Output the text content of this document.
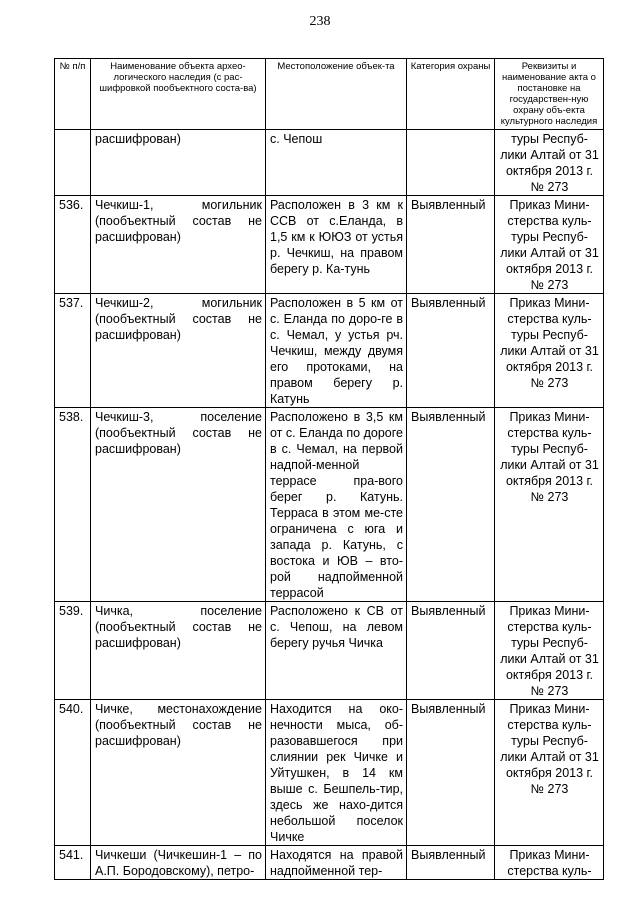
238
№ п/п	Наименование объекта архео-логического наследия (с рас-шифровкой пообъектного соста-ва)	Местоположение объек-та	Категория охраны	Реквизиты и наименование акта о постановке на государствен-ную охрану объ-екта культурного наследия
	расшифрован)	с. Чепош		туры Респуб-лики Алтай от 31 октября 2013 г. № 273
536.	Чечкиш-1, могильник (пообъектный состав не расшифрован)	Расположен в 3 км к ССВ от с.Еланда, в 1,5 км к ЮЮЗ от устья р. Чечкиш, на правом берегу р. Ка-тунь	Выявленный	Приказ Мини-стерства куль-туры Респуб-лики Алтай от 31 октября 2013 г. № 273
537.	Чечкиш-2, могильник (пообъектный состав не расшифрован)	Расположен в 5 км от с. Еланда по доро-ге в с. Чемал, у устья рч. Чечкиш, между двумя его протоками, на правом берегу р. Катунь	Выявленный	Приказ Мини-стерства куль-туры Респуб-лики Алтай от 31 октября 2013 г. № 273
538.	Чечкиш-3, поселение (пообъектный состав не расшифрован)	Расположено в 3,5 км от с. Еланда по дороге в с. Чемал, на первой надпой-менной террасе пра-вого берег р. Катунь. Терраса в этом ме-сте ограничена с юга и запада р. Катунь, с востока и ЮВ – вто-рой надпойменной террасой	Выявленный	Приказ Мини-стерства куль-туры Респуб-лики Алтай от 31 октября 2013 г. № 273
539.	Чичка, поселение (пообъектный состав не расшифрован)	Расположено к СВ от с. Чепош, на левом берегу ручья Чичка	Выявленный	Приказ Мини-стерства куль-туры Респуб-лики Алтай от 31 октября 2013 г. № 273
540.	Чичке, местонахождение (пообъектный состав не расшифрован)	Находится на око-нечности мыса, об-разовавшегося при слиянии рек Чичке и Уйтушкен, в 14 км выше с. Бешпель-тир, здесь же нахо-дится небольшой поселок Чичке	Выявленный	Приказ Мини-стерства куль-туры Респуб-лики Алтай от 31 октября 2013 г. № 273
541.	Чичкеши (Чичкешин-1 – по А.П. Бородовскому), петро-	Находятся на правой надпойменной тер-	Выявленный	Приказ Мини-стерства куль-
